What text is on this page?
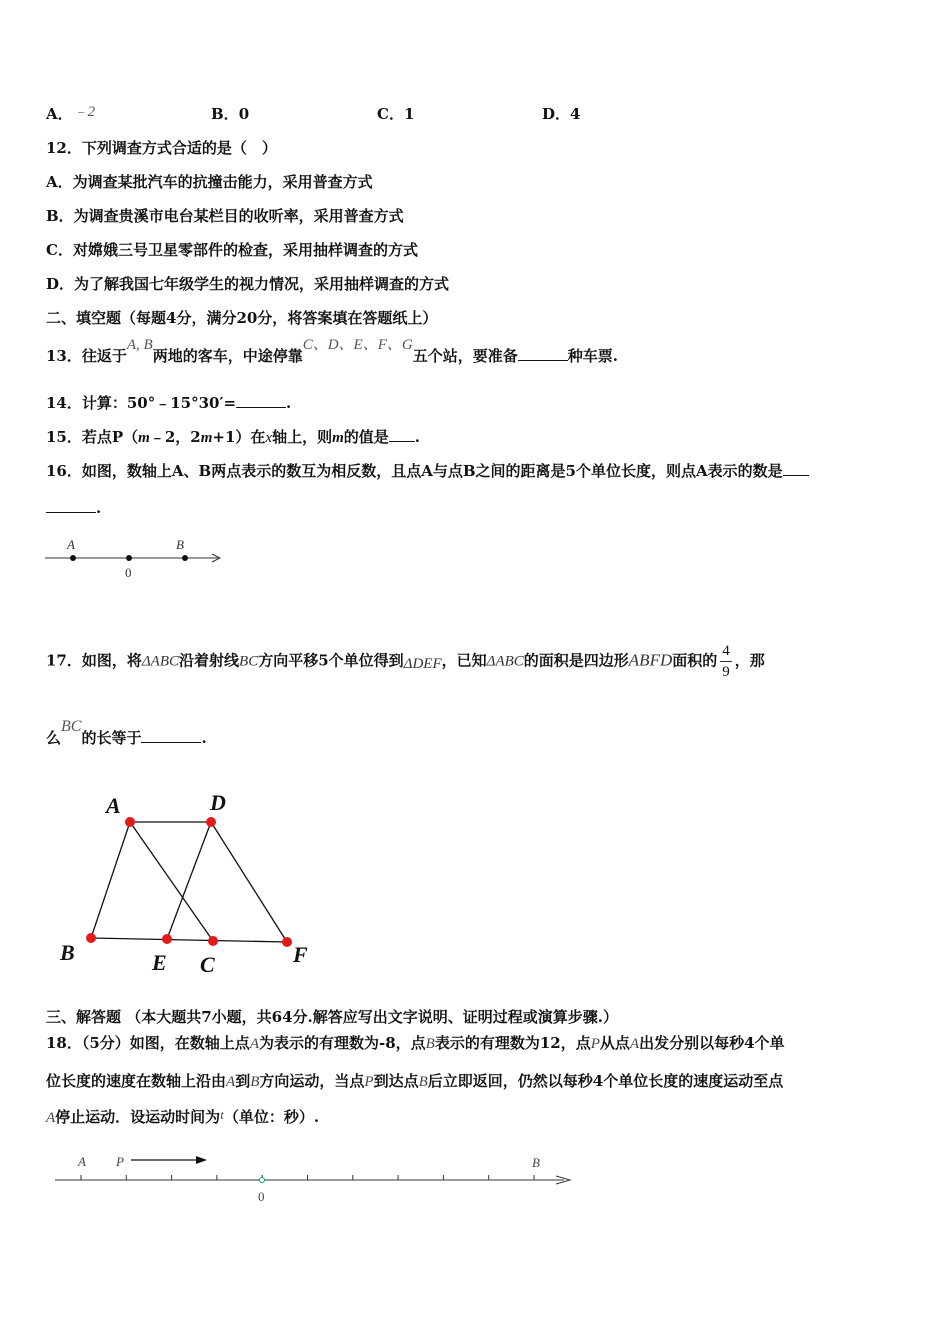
A．﹣2	B．0	C．1	D．4
12．下列调查方式合适的是（　）
A．为调查某批汽车的抗撞击能力，采用普查方式
B．为调查贵溪市电台某栏目的收听率，采用普查方式
C．对嫦娥三号卫星零部件的检查，采用抽样调查的方式
D．为了解我国七年级学生的视力情况，采用抽样调查的方式
二、填空题（每题4分，满分20分，将答案填在答题纸上）
13．往返于A, B两地的客车，中途停靠C、D、E、F、G五个站，要准备	种车票.
14．计算：50°﹣15°30′=	.
15．若点P（m﹣2，2m+1）在x轴上，则m的值是 .
16．如图，数轴上A、B两点表示的数互为相反数，且点A与点B之间的距离是5个单位长度，则点A表示的数是
.
A
0
B
17．如图，将ΔABC沿着射线BC方向平移5个单位得到ΔDEF，已知ΔABC的面积是四边形ABFD面积的 $\frac{4}{9}$ ，那
么BC的长等于	.
A	D
B	E C	F
三、解答题 （本大题共7小题，共64分.解答应写出文字说明、证明过程或演算步骤.）
18．（5分）如图，在数轴上点A为表示的有理数为-8，点B表示的有理数为12，点P从点A出发分别以每秒4个单
位长度的速度在数轴上沿由A到B方向运动，当点P到达点B后立即返回，仍然以每秒4个单位长度的速度运动至点
A停止运动．设运动时间为t（单位：秒）.
A P
0
B
